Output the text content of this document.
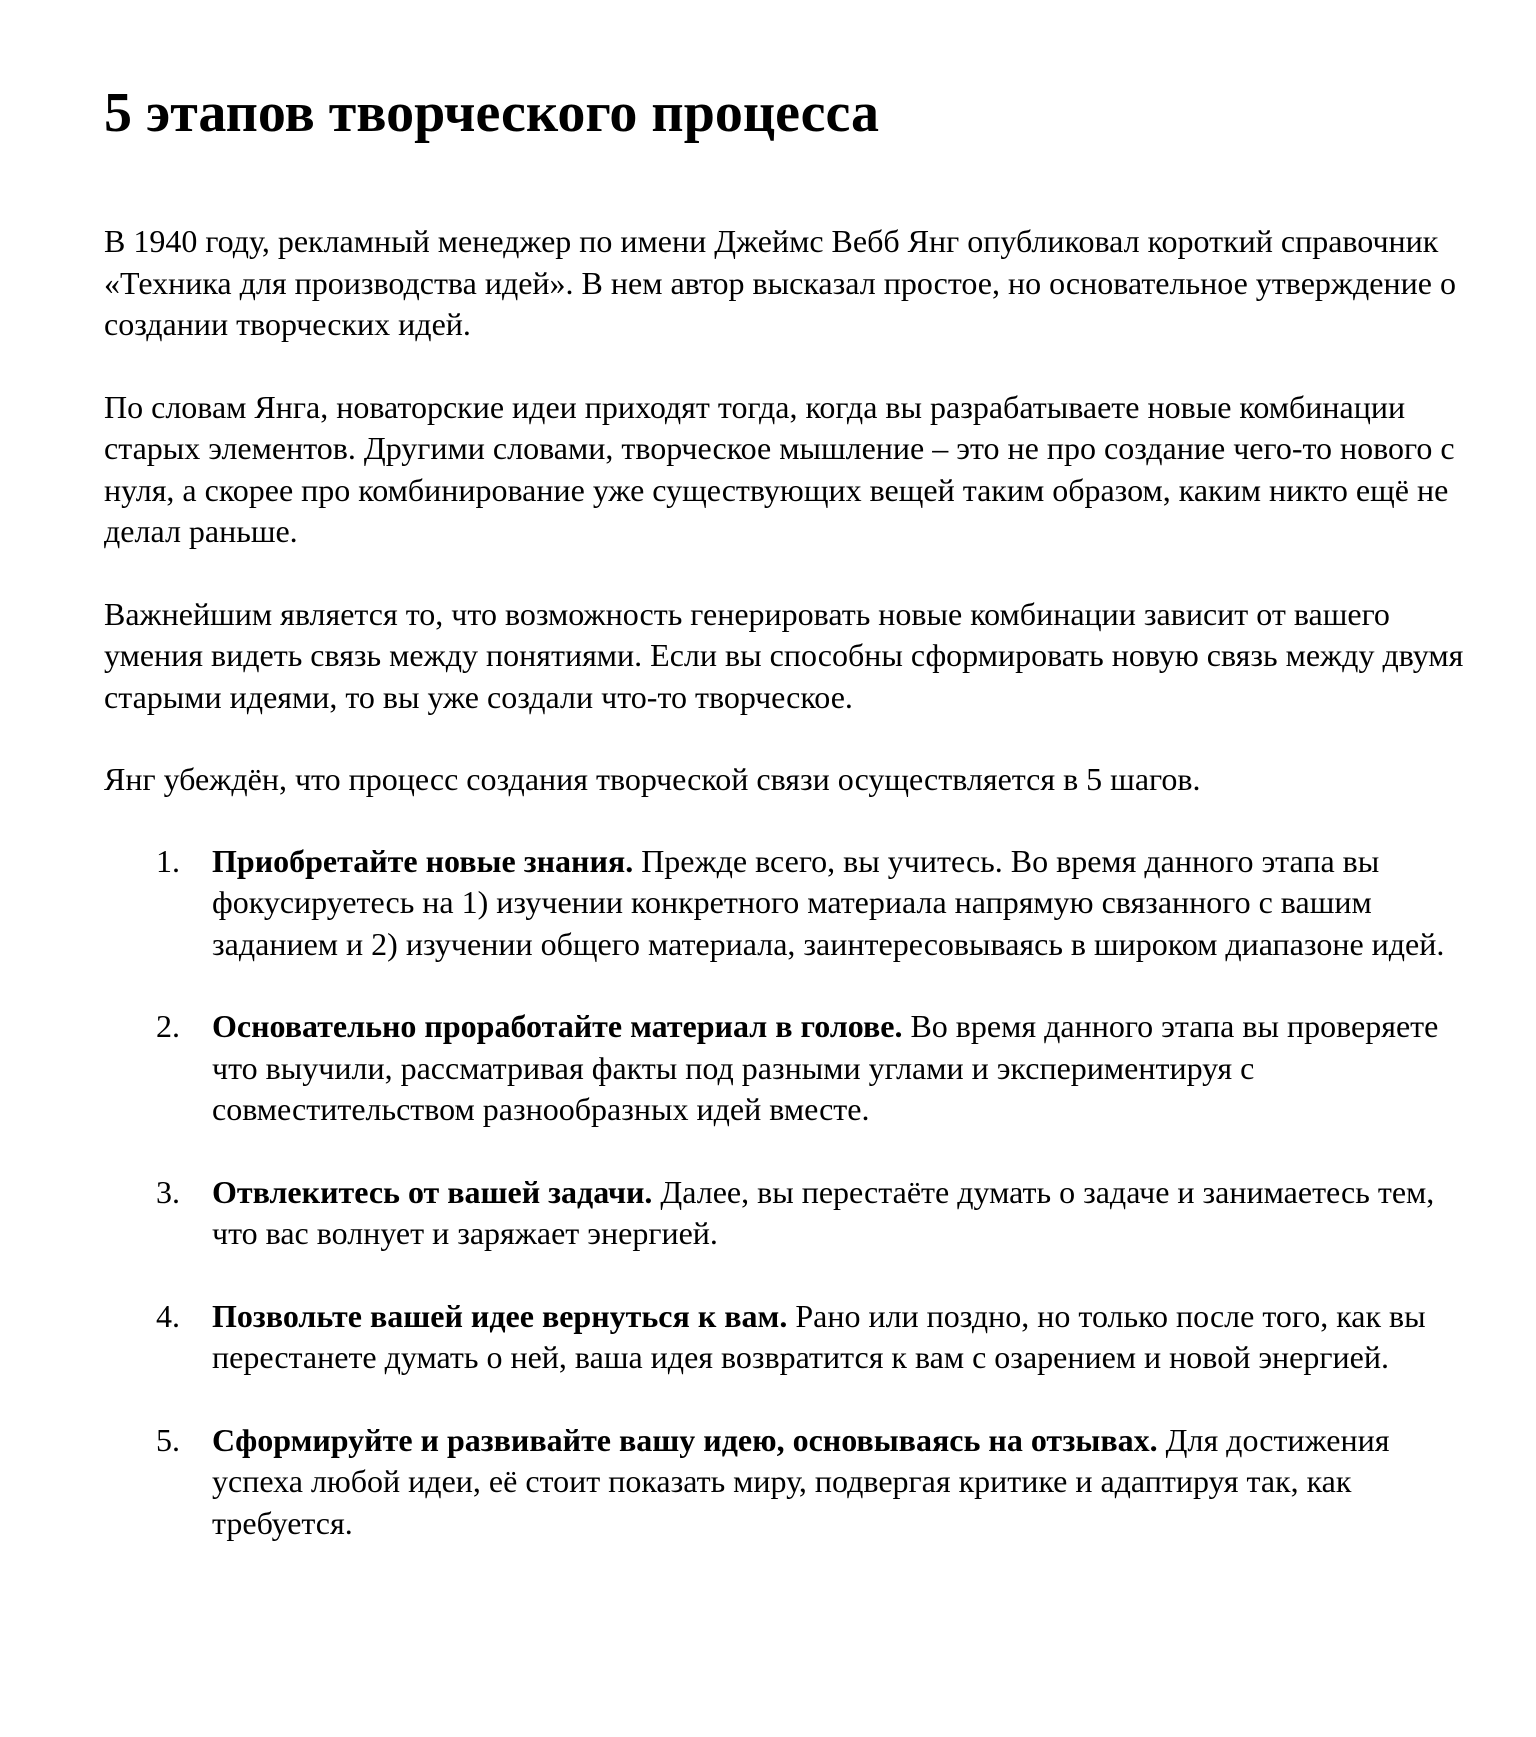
5 этапов творческого процесса

В 1940 году, рекламный менеджер по имени Джеймс Вебб Янг опубликовал короткий справочник «Техника для производства идей». В нем автор высказал простое, но основательное утверждение о создании творческих идей.

По словам Янга, новаторские идеи приходят тогда, когда вы разрабатываете новые комбинации старых элементов. Другими словами, творческое мышление – это не про создание чего-то нового с нуля, а скорее про комбинирование уже существующих вещей таким образом, каким никто ещё не делал раньше.

Важнейшим является то, что возможность генерировать новые комбинации зависит от вашего умения видеть связь между понятиями. Если вы способны сформировать новую связь между двумя старыми идеями, то вы уже создали что-то творческое.

Янг убеждён, что процесс создания творческой связи осуществляется в 5 шагов.

1. Приобретайте новые знания. Прежде всего, вы учитесь. Во время данного этапа вы фокусируетесь на 1) изучении конкретного материала напрямую связанного с вашим заданием и 2) изучении общего материала, заинтересовываясь в широком диапазоне идей.
2. Основательно проработайте материал в голове. Во время данного этапа вы проверяете что выучили, рассматривая факты под разными углами и экспериментируя с совместительством разнообразных идей вместе.
3. Отвлекитесь от вашей задачи. Далее, вы перестаёте думать о задаче и занимаетесь тем, что вас волнует и заряжает энергией.
4. Позвольте вашей идее вернуться к вам. Рано или поздно, но только после того, как вы перестанете думать о ней, ваша идея возвратится к вам с озарением и новой энергией.
5. Сформируйте и развивайте вашу идею, основываясь на отзывах. Для достижения успеха любой идеи, её стоит показать миру, подвергая критике и адаптируя так, как требуется.
